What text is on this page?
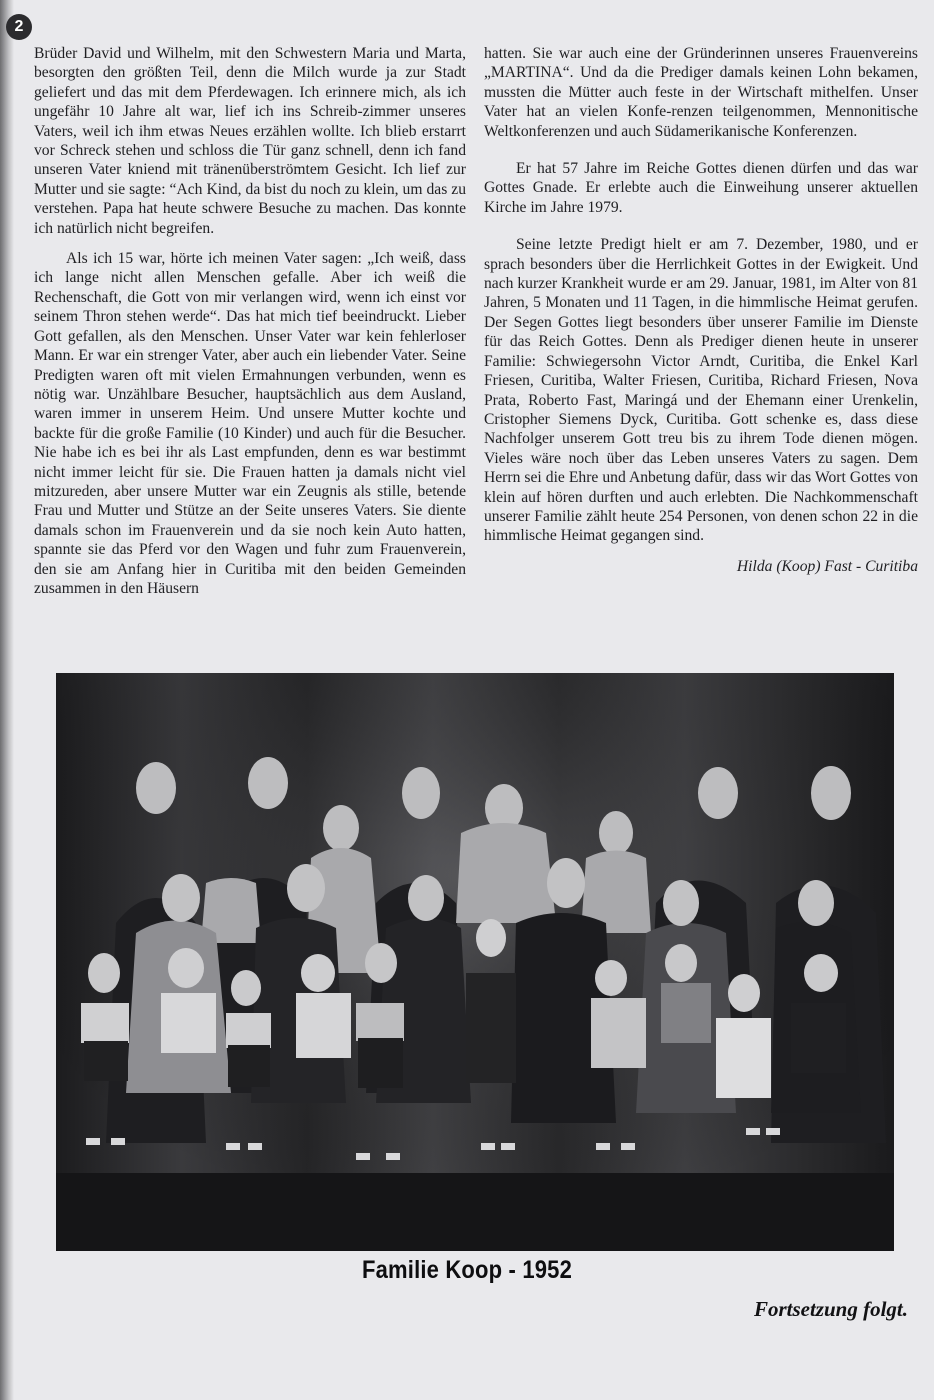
2

Brüder David und Wilhelm, mit den Schwestern Maria und Marta, besorgten den größten Teil, denn die Milch wurde ja zur Stadt geliefert und das mit dem Pferdewagen. Ich erinnere mich, als ich ungefähr 10 Jahre alt war, lief ich ins Schreib-zimmer unseres Vaters, weil ich ihm etwas Neues erzählen wollte. Ich blieb erstarrt vor Schreck stehen und schloss die Tür ganz schnell, denn ich fand unseren Vater kniend mit tränenüberströmtem Gesicht. Ich lief zur Mutter und sie sagte: “Ach Kind, da bist du noch zu klein, um das zu verstehen. Papa hat heute schwere Besuche zu machen. Das konnte ich natürlich nicht begreifen.

Als ich 15 war, hörte ich meinen Vater sagen: „Ich weiß, dass ich lange nicht allen Menschen gefalle. Aber ich weiß die Rechenschaft, die Gott von mir verlangen wird, wenn ich einst vor seinem Thron stehen werde“. Das hat mich tief beeindruckt. Lieber Gott gefallen, als den Menschen. Unser Vater war kein fehlerloser Mann. Er war ein strenger Vater, aber auch ein liebender Vater. Seine Predigten waren oft mit vielen Ermahnungen verbunden, wenn es nötig war. Unzählbare Besucher, hauptsächlich aus dem Ausland, waren immer in unserem Heim. Und unsere Mutter kochte und backte für die große Familie (10 Kinder) und auch für die Besucher. Nie habe ich es bei ihr als Last empfunden, denn es war bestimmt nicht immer leicht für sie. Die Frauen hatten ja damals nicht viel mitzureden, aber unsere Mutter war ein Zeugnis als stille, betende Frau und Mutter und Stütze an der Seite unseres Vaters. Sie diente damals schon im Frauenverein und da sie noch kein Auto hatten, spannte sie das Pferd vor den Wagen und fuhr zum Frauenverein, den sie am Anfang hier in Curitiba mit den beiden Gemeinden zusammen in den Häusern

hatten. Sie war auch eine der Gründerinnen unseres Frauenvereins „MARTINA“. Und da die Prediger damals keinen Lohn bekamen, mussten die Mütter auch feste in der Wirtschaft mithelfen. Unser Vater hat an vielen Konfe-renzen teilgenommen, Mennonitische Weltkonferenzen und auch Südamerikanische Konferenzen.

Er hat 57 Jahre im Reiche Gottes dienen dürfen und das war Gottes Gnade. Er erlebte auch die Einweihung unserer aktuellen Kirche im Jahre 1979.

Seine letzte Predigt hielt er am 7. Dezember, 1980, und er sprach besonders über die Herrlichkeit Gottes in der Ewigkeit. Und nach kurzer Krankheit wurde er am 29. Januar, 1981, im Alter von 81 Jahren, 5 Monaten und 11 Tagen, in die himmlische Heimat gerufen. Der Segen Gottes liegt besonders über unserer Familie im Dienste für das Reich Gottes. Denn als Prediger dienen heute in unserer Familie: Schwiegersohn Victor Arndt, Curitiba, die Enkel Karl Friesen, Curitiba, Walter Friesen, Curitiba, Richard Friesen, Nova Prata, Roberto Fast, Maringá und der Ehemann einer Urenkelin, Cristopher Siemens Dyck, Curitiba. Gott schenke es, dass diese Nachfolger unserem Gott treu bis zu ihrem Tode dienen mögen. Vieles wäre noch über das Leben unseres Vaters zu sagen. Dem Herrn sei die Ehre und Anbetung dafür, dass wir das Wort Gottes von klein auf hören durften und auch erlebten. Die Nachkommenschaft unserer Familie zählt heute 254 Personen, von denen schon 22 in die himmlische Heimat gegangen sind.

Hilda (Koop) Fast - Curitiba
Familie Koop - 1952
Fortsetzung folgt.
